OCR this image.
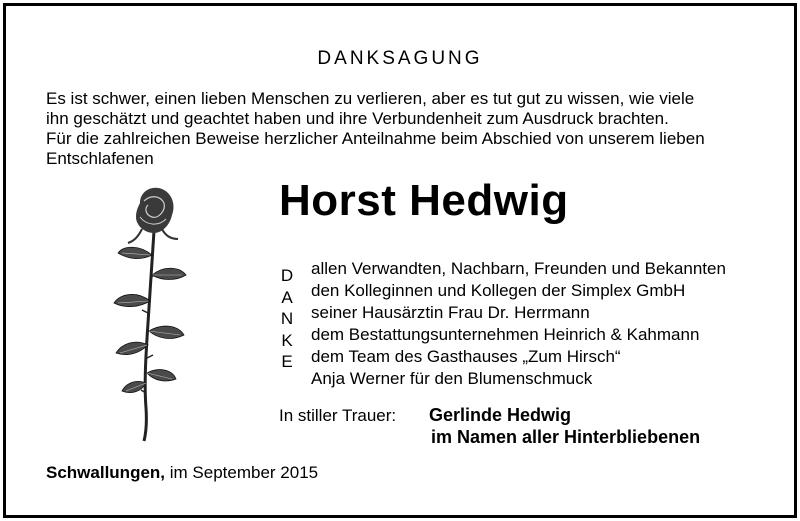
DANKSAGUNG
Es ist schwer, einen lieben Menschen zu verlieren, aber es tut gut zu wissen, wie viele
ihn geschätzt und geachtet haben und ihre Verbundenheit zum Ausdruck brachten.
Für die zahlreichen Beweise herzlicher Anteilnahme beim Abschied von unserem lieben
Entschlafenen
Horst Hedwig
D
A
N
K
E
allen Verwandten, Nachbarn, Freunden und Bekannten
den Kolleginnen und Kollegen der Simplex GmbH
seiner Hausärztin Frau Dr. Herrmann
dem Bestattungsunternehmen Heinrich & Kahmann
dem Team des Gasthauses „Zum Hirsch“
Anja Werner für den Blumenschmuck
In stiller Trauer: Gerlinde Hedwig
im Namen aller Hinterbliebenen
Schwallungen, im September 2015
